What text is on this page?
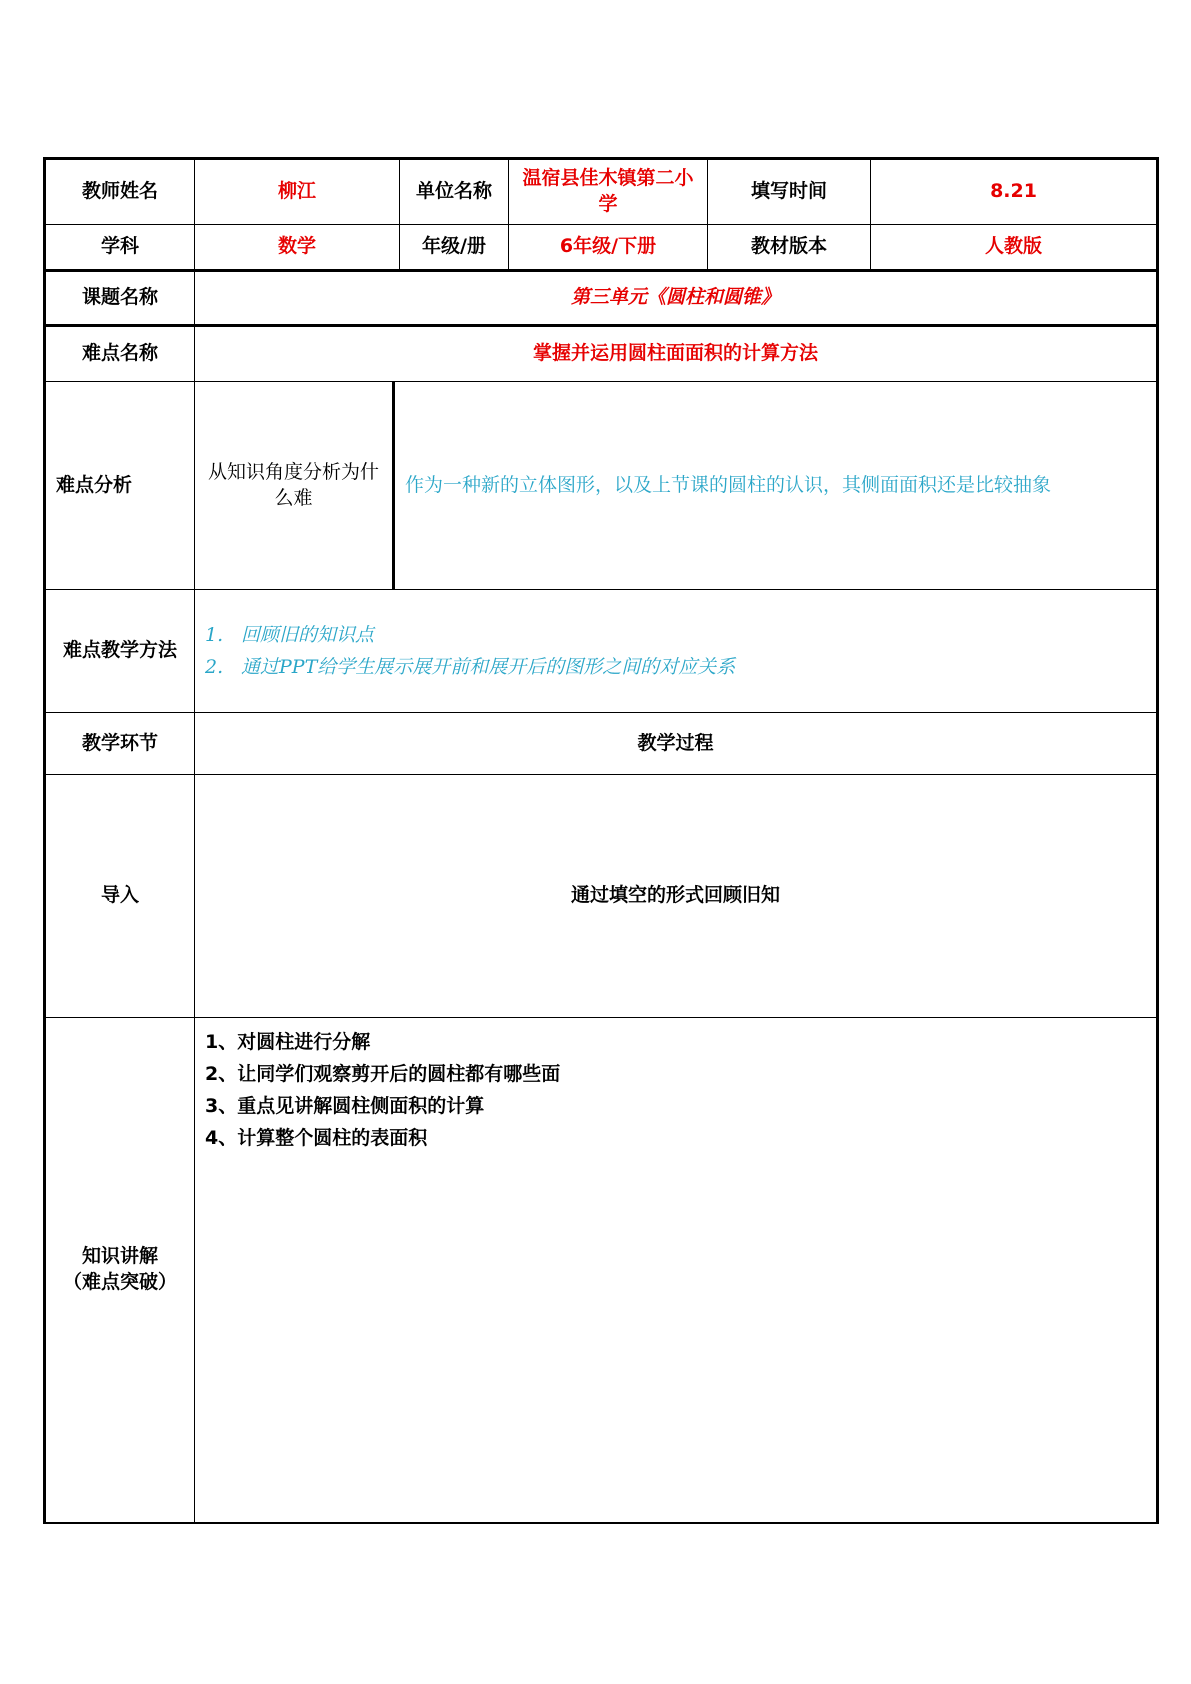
教师姓名	柳江		单位名称	温宿县佳木镇第二小学	填写时间	8.21
学科	数学		年级/册	6年级/下册	教材版本	人教版
课题名称	第三单元《圆柱和圆锥》					
难点名称	掌握并运用圆柱面面积的计算方法					
难点分析	从知识角度分析为什么难	作为一种新的立体图形，以及上节课的圆柱的认识，其侧面面积还是比较抽象				
难点教学方法	1. 回顾旧的知识点
2. 通过PPT给学生展示展开前和展开后的图形之间的对应关系					

教学环节	教学过程					
导入	通过填空的形式回顾旧知					

知识讲解
（难点突破）	1、对圆柱进行分解
2、让同学们观察剪开后的圆柱都有哪些面
3、重点见讲解圆柱侧面积的计算
4、计算整个圆柱的表面积					
